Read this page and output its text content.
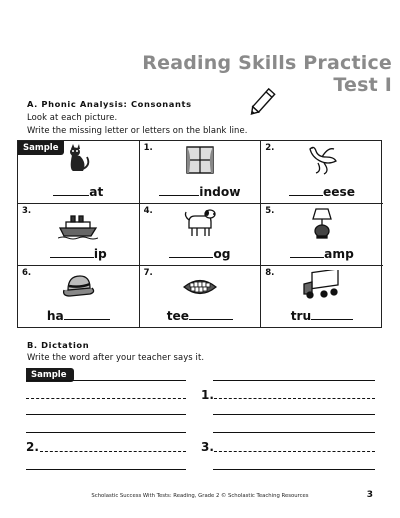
Reading Skills Practice Test I
A. Phonic Analysis: Consonants
Look at each picture.
Write the missing letter or letters on the blank line.
Sample
at
1.
indow
2.
eese
3.
ip
4.
og
5.
amp
6.
ha
7.
tee
8.
tru
B. Dictation
Write the word after your teacher says it.
Sample
2.
1.
3.
Scholastic Success With Tests: Reading, Grade 2 © Scholastic Teaching Resources	3
